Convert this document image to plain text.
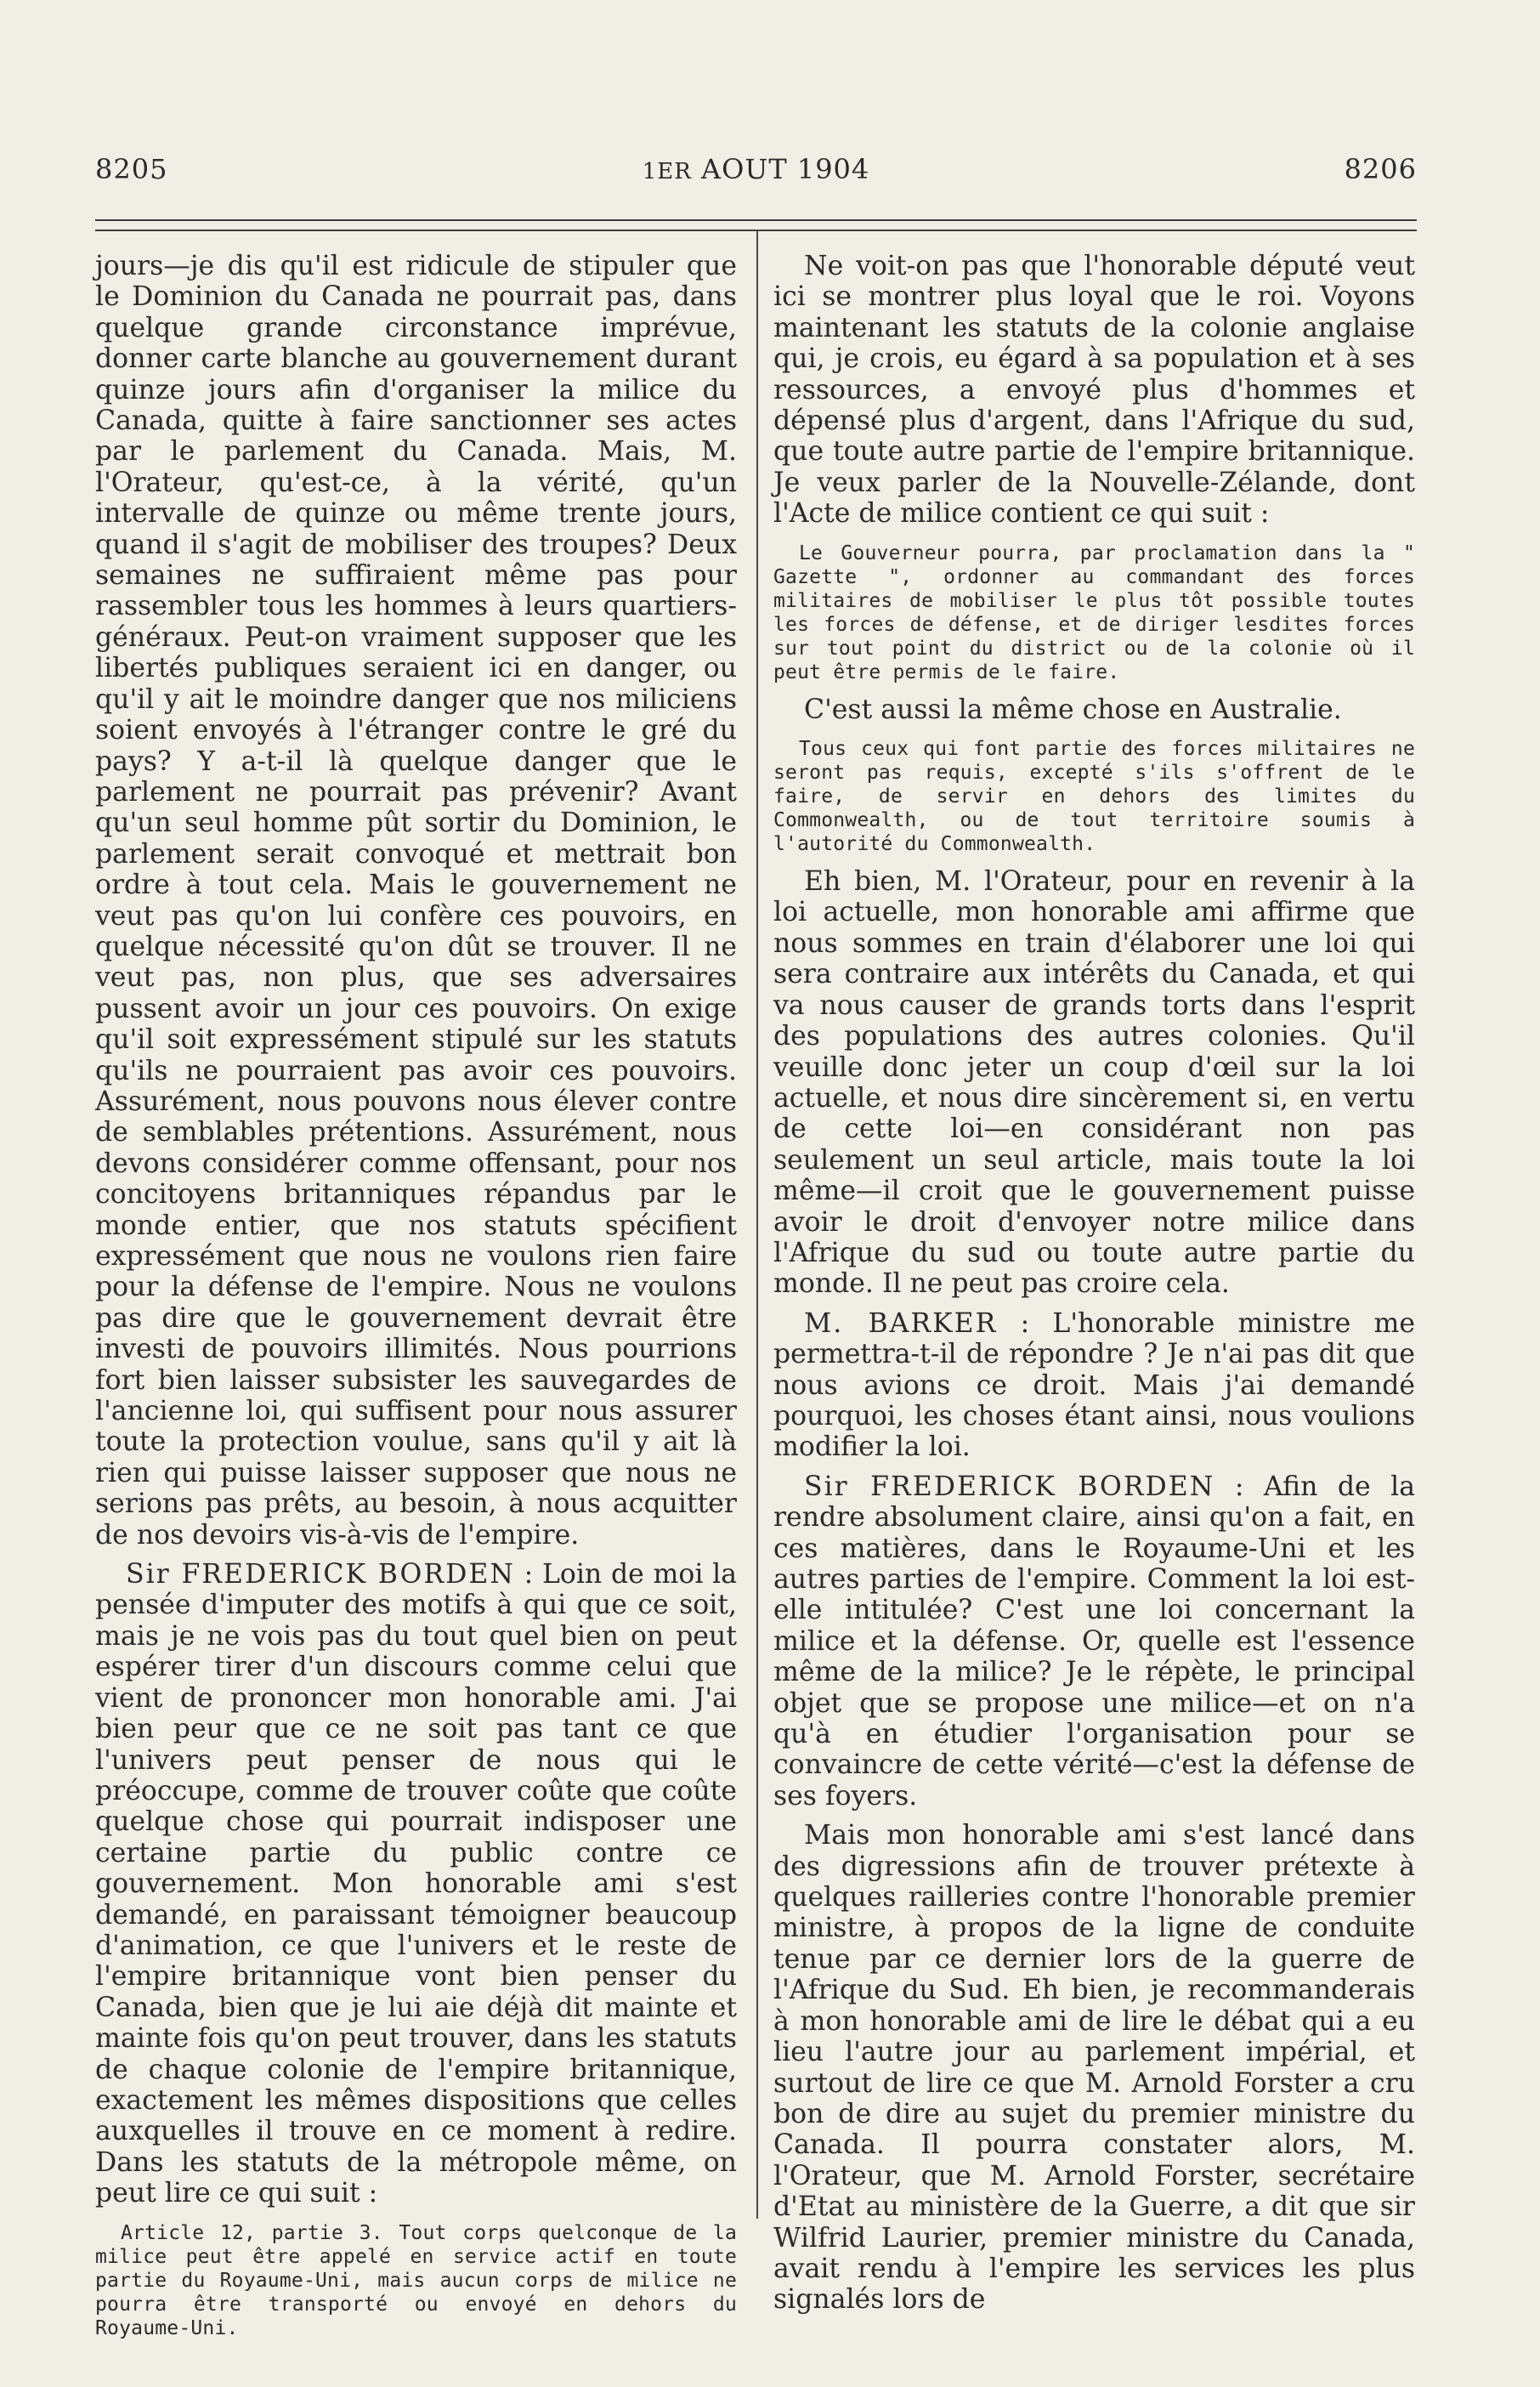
8205	1ER AOUT 1904	8206

jours—je dis qu'il est ridicule de stipuler que le Dominion du Canada ne pourrait pas, dans quelque grande circonstance imprévue, donner carte blanche au gouvernement durant quinze jours afin d'organiser la milice du Canada, quitte à faire sanctionner ses actes par le parlement du Canada. Mais, M. l'Orateur, qu'est-ce, à la vérité, qu'un intervalle de quinze ou même trente jours, quand il s'agit de mobiliser des troupes? Deux semaines ne suffiraient même pas pour rassembler tous les hommes à leurs quartiers-généraux. Peut-on vraiment supposer que les libertés publiques seraient ici en danger, ou qu'il y ait le moindre danger que nos miliciens soient envoyés à l'étranger contre le gré du pays? Y a-t-il là quelque danger que le parlement ne pourrait pas prévenir? Avant qu'un seul homme pût sortir du Dominion, le parlement serait convoqué et mettrait bon ordre à tout cela. Mais le gouvernement ne veut pas qu'on lui confère ces pouvoirs, en quelque nécessité qu'on dût se trouver. Il ne veut pas, non plus, que ses adversaires pussent avoir un jour ces pouvoirs. On exige qu'il soit expressément stipulé sur les statuts qu'ils ne pourraient pas avoir ces pouvoirs. Assurément, nous pouvons nous élever contre de semblables prétentions. Assurément, nous devons considérer comme offensant, pour nos concitoyens britanniques répandus par le monde entier, que nos statuts spécifient expressément que nous ne voulons rien faire pour la défense de l'empire. Nous ne voulons pas dire que le gouvernement devrait être investi de pouvoirs illimités. Nous pourrions fort bien laisser subsister les sauvegardes de l'ancienne loi, qui suffisent pour nous assurer toute la protection voulue, sans qu'il y ait là rien qui puisse laisser supposer que nous ne serions pas prêts, au besoin, à nous acquitter de nos devoirs vis-à-vis de l'empire.

Sir FREDERICK BORDEN : Loin de moi la pensée d'imputer des motifs à qui que ce soit, mais je ne vois pas du tout quel bien on peut espérer tirer d'un discours comme celui que vient de prononcer mon honorable ami. J'ai bien peur que ce ne soit pas tant ce que l'univers peut penser de nous qui le préoccupe, comme de trouver coûte que coûte quelque chose qui pourrait indisposer une certaine partie du public contre ce gouvernement. Mon honorable ami s'est demandé, en paraissant témoigner beaucoup d'animation, ce que l'univers et le reste de l'empire britannique vont bien penser du Canada, bien que je lui aie déjà dit mainte et mainte fois qu'on peut trouver, dans les statuts de chaque colonie de l'empire britannique, exactement les mêmes dispositions que celles auxquelles il trouve en ce moment à redire. Dans les statuts de la métropole même, on peut lire ce qui suit :

Article 12, partie 3. Tout corps quelconque de la milice peut être appelé en service actif en toute partie du Royaume-Uni, mais aucun corps de milice ne pourra être transporté ou envoyé en dehors du Royaume-Uni.

Ne voit-on pas que l'honorable député veut ici se montrer plus loyal que le roi. Voyons maintenant les statuts de la colonie anglaise qui, je crois, eu égard à sa population et à ses ressources, a envoyé plus d'hommes et dépensé plus d'argent, dans l'Afrique du sud, que toute autre partie de l'empire britannique. Je veux parler de la Nouvelle-Zélande, dont l'Acte de milice contient ce qui suit :

Le Gouverneur pourra, par proclamation dans la " Gazette ", ordonner au commandant des forces militaires de mobiliser le plus tôt possible toutes les forces de défense, et de diriger lesdites forces sur tout point du district ou de la colonie où il peut être permis de le faire.

C'est aussi la même chose en Australie.

Tous ceux qui font partie des forces militaires ne seront pas requis, excepté s'ils s'offrent de le faire, de servir en dehors des limites du Commonwealth, ou de tout territoire soumis à l'autorité du Commonwealth.

Eh bien, M. l'Orateur, pour en revenir à la loi actuelle, mon honorable ami affirme que nous sommes en train d'élaborer une loi qui sera contraire aux intérêts du Canada, et qui va nous causer de grands torts dans l'esprit des populations des autres colonies. Qu'il veuille donc jeter un coup d'œil sur la loi actuelle, et nous dire sincèrement si, en vertu de cette loi—en considérant non pas seulement un seul article, mais toute la loi même—il croit que le gouvernement puisse avoir le droit d'envoyer notre milice dans l'Afrique du sud ou toute autre partie du monde. Il ne peut pas croire cela.

M. BARKER : L'honorable ministre me permettra-t-il de répondre ? Je n'ai pas dit que nous avions ce droit. Mais j'ai demandé pourquoi, les choses étant ainsi, nous voulions modifier la loi.

Sir FREDERICK BORDEN : Afin de la rendre absolument claire, ainsi qu'on a fait, en ces matières, dans le Royaume-Uni et les autres parties de l'empire. Comment la loi est-elle intitulée? C'est une loi concernant la milice et la défense. Or, quelle est l'essence même de la milice? Je le répète, le principal objet que se propose une milice—et on n'a qu'à en étudier l'organisation pour se convaincre de cette vérité—c'est la défense de ses foyers.

Mais mon honorable ami s'est lancé dans des digressions afin de trouver prétexte à quelques railleries contre l'honorable premier ministre, à propos de la ligne de conduite tenue par ce dernier lors de la guerre de l'Afrique du Sud. Eh bien, je recommanderais à mon honorable ami de lire le débat qui a eu lieu l'autre jour au parlement impérial, et surtout de lire ce que M. Arnold Forster a cru bon de dire au sujet du premier ministre du Canada. Il pourra constater alors, M. l'Orateur, que M. Arnold Forster, secrétaire d'Etat au ministère de la Guerre, a dit que sir Wilfrid Laurier, premier ministre du Canada, avait rendu à l'empire les services les plus signalés lors de
